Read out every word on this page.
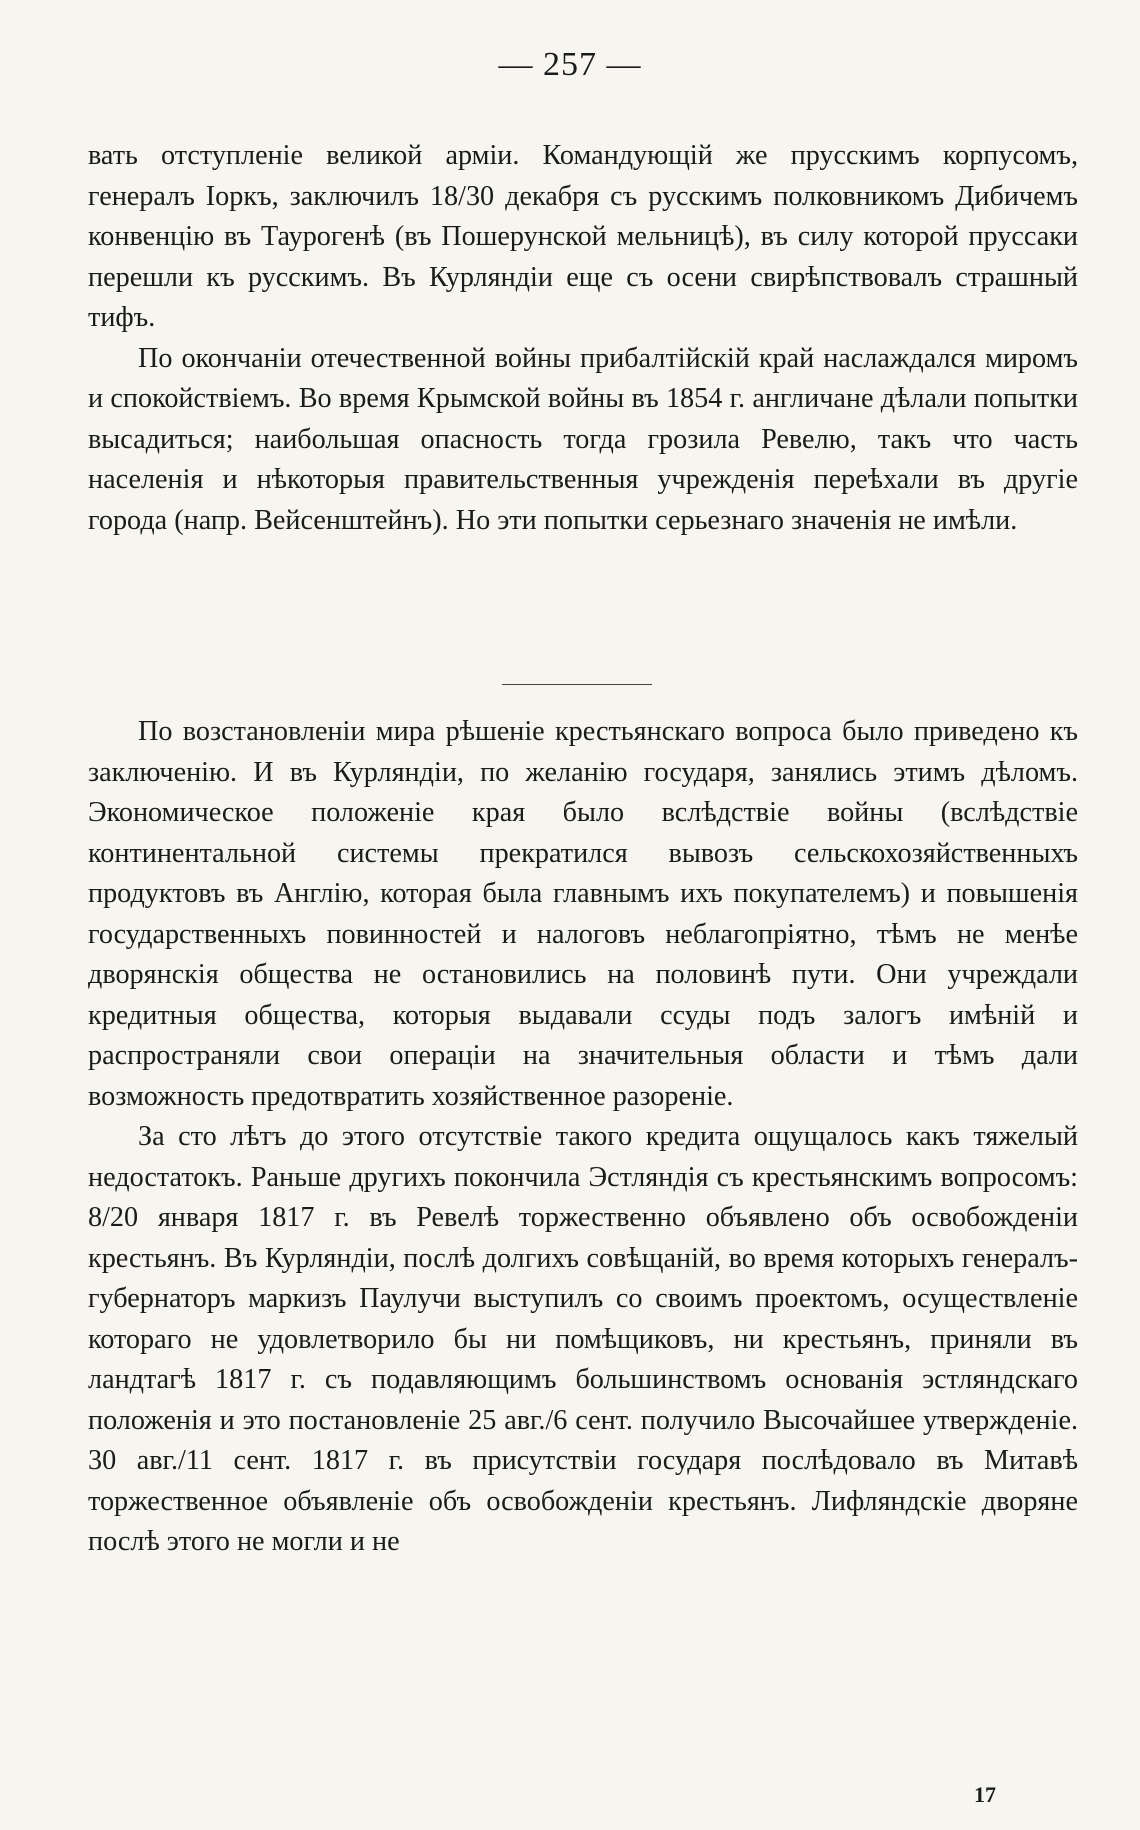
— 257 —

вать отступленіе великой арміи. Командующій же прусскимъ корпусомъ, генералъ Іоркъ, заключилъ 18/30 декабря съ русскимъ полковникомъ Дибичемъ конвенцію въ Таурогенѣ (въ Пошерунской мельницѣ), въ силу которой пруссаки перешли къ русскимъ. Въ Курляндіи еще съ осени свирѣпствовалъ страшный тифъ.

По окончаніи отечественной войны прибалтійскій край наслаждался миромъ и спокойствіемъ. Во время Крымской войны въ 1854 г. англичане дѣлали попытки высадиться; наибольшая опасность тогда грозила Ревелю, такъ что часть населенія и нѣкоторыя правительственныя учрежденія переѣхали въ другіе города (напр. Вейсенштейнъ). Но эти попытки серьезнаго значенія не имѣли.

По возстановленіи мира рѣшеніе крестьянскаго вопроса было приведено къ заключенію. И въ Курляндіи, по желанію государя, занялись этимъ дѣломъ. Экономическое положеніе края было вслѣдствіе войны (вслѣдствіе континентальной системы прекратился вывозъ сельскохозяйственныхъ продуктовъ въ Англію, которая была главнымъ ихъ покупателемъ) и повышенія государственныхъ повинностей и налоговъ неблагопріятно, тѣмъ не менѣе дворянскія общества не остановились на половинѣ пути. Они учреждали кредитныя общества, которыя выдавали ссуды подъ залогъ имѣній и распространяли свои операціи на значительныя области и тѣмъ дали возможность предотвратить хозяйственное разореніе.

За сто лѣтъ до этого отсутствіе такого кредита ощущалось какъ тяжелый недостатокъ. Раньше другихъ покончила Эстляндія съ крестьянскимъ вопросомъ: 8/20 января 1817 г. въ Ревелѣ торжественно объявлено объ освобожденіи крестьянъ. Въ Курляндіи, послѣ долгихъ совѣщаній, во время которыхъ генералъ-губернаторъ маркизъ Паулучи выступилъ со своимъ проектомъ, осуществленіе котораго не удовлетворило бы ни помѣщиковъ, ни крестьянъ, приняли въ ландтагѣ 1817 г. съ подавляющимъ большинствомъ основанія эстляндскаго положенія и это постановленіе 25 авг./6 сент. получило Высочайшее утвержденіе. 30 авг./11 сент. 1817 г. въ присутствіи государя послѣдовало въ Митавѣ торжественное объявленіе объ освобожденіи крестьянъ. Лифляндскіе дворяне послѣ этого не могли и не

17
